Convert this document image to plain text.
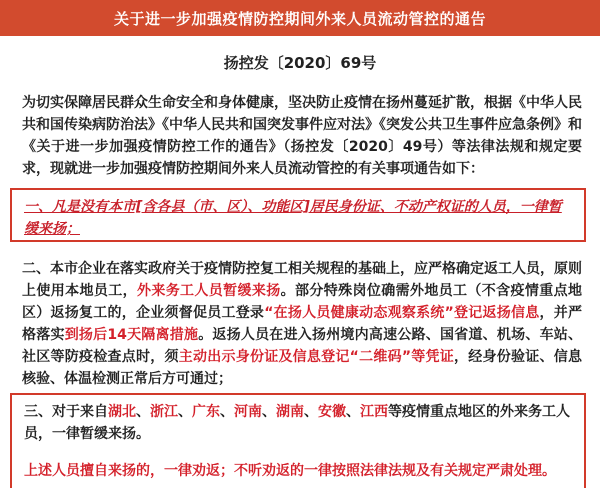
关于进一步加强疫情防控期间外来人员流动管控的通告
扬控发〔2020〕69号
为切实保障居民群众生命安全和身体健康，坚决防止疫情在扬州蔓延扩散，根据《中华人民共和国传染病防治法》《中华人民共和国突发事件应对法》《突发公共卫生事件应急条例》和《关于进一步加强疫情防控工作的通告》（扬控发〔2020〕49号）等法律法规和规定要求，现就进一步加强疫情防控期间外来人员流动管控的有关事项通告如下：
一、凡是没有本市[含各县（市、区）、功能区]居民身份证、不动产权证的人员，一律暂缓来扬；
二、本市企业在落实政府关于疫情防控复工相关规程的基础上，应严格确定返工人员，原则上使用本地员工，外来务工人员暂缓来扬。部分特殊岗位确需外地员工（不含疫情重点地区）返扬复工的，企业须督促员工登录“在扬人员健康动态观察系统”登记返扬信息，并严格落实到扬后14天隔离措施。返扬人员在进入扬州境内高速公路、国省道、机场、车站、社区等防疫检查点时，须主动出示身份证及信息登记“二维码”等凭证，经身份验证、信息核验、体温检测正常后方可通过；
三、对于来自湖北、浙江、广东、河南、湖南、安徽、江西等疫情重点地区的外来务工人员，一律暂缓来扬。
上述人员擅自来扬的，一律劝返；不听劝返的一律按照法律法规及有关规定严肃处理。
